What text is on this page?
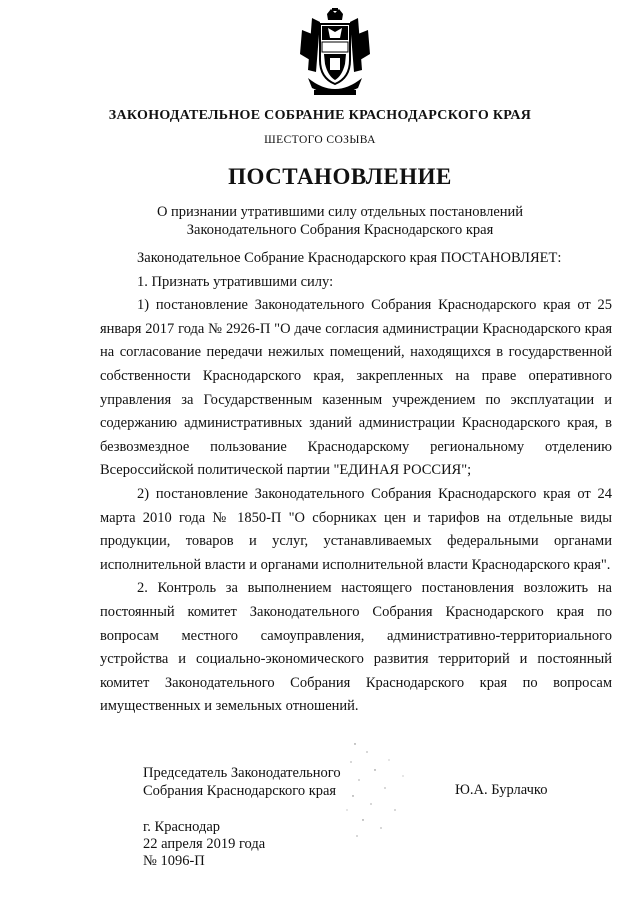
ЗАКОНОДАТЕЛЬНОЕ СОБРАНИЕ КРАСНОДАРСКОГО КРАЯ
ШЕСТОГО СОЗЫВА
ПОСТАНОВЛЕНИЕ
О признании утратившими силу отдельных постановлений
Законодательного Собрания Краснодарского края

Законодательное Собрание Краснодарского края ПОСТАНОВЛЯЕТ:

1. Признать утратившими силу:

1) постановление Законодательного Собрания Краснодарского края от 25 января 2017 года № 2926-П "О даче согласия администрации Краснодарского края на согласование передачи нежилых помещений, находящихся в государственной собственности Краснодарского края, закрепленных на праве оперативного управления за Государственным казенным учреждением по эксплуатации и содержанию административных зданий администрации Краснодарского края, в безвозмездное пользование Краснодарскому региональному отделению Всероссийской политической партии "ЕДИНАЯ РОССИЯ";

2) постановление Законодательного Собрания Краснодарского края от 24 марта 2010 года № 1850-П "О сборниках цен и тарифов на отдельные виды продукции, товаров и услуг, устанавливаемых федеральными органами исполнительной власти и органами исполнительной власти Краснодарского края".

2. Контроль за выполнением настоящего постановления возложить на постоянный комитет Законодательного Собрания Краснодарского края по вопросам местного самоуправления, административно-территориального устройства и социально-экономического развития территорий и постоянный комитет Законодательного Собрания Краснодарского края по вопросам имущественных и земельных отношений.

Председатель Законодательного
Собрания Краснодарского края	Ю.А. Бурлачко
г. Краснодар
22 апреля 2019 года
№ 1096-П
